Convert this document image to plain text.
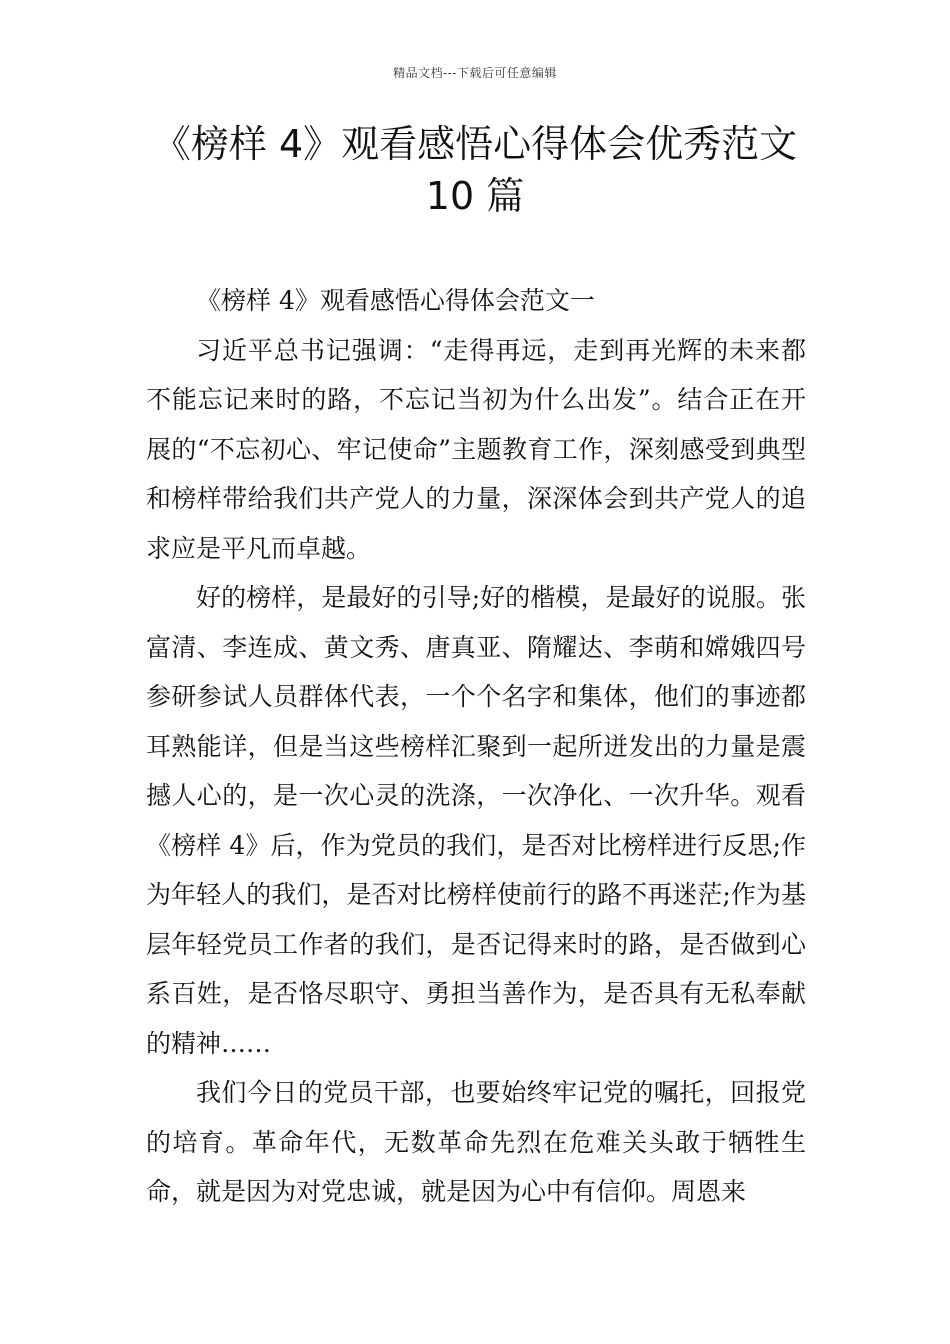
精品文档---下载后可任意编辑
《榜样 4》观看感悟心得体会优秀范文
10 篇

《榜样 4》观看感悟心得体会范文一

习近平总书记强调：“走得再远，走到再光辉的未来都不能忘记来时的路，不忘记当初为什么出发”。结合正在开展的“不忘初心、牢记使命”主题教育工作，深刻感受到典型和榜样带给我们共产党人的力量，深深体会到共产党人的追求应是平凡而卓越。

好的榜样，是最好的引导;好的楷模，是最好的说服。张富清、李连成、黄文秀、唐真亚、隋耀达、李萌和嫦娥四号参研参试人员群体代表，一个个名字和集体，他们的事迹都耳熟能详，但是当这些榜样汇聚到一起所迸发出的力量是震撼人心的，是一次心灵的洗涤，一次净化、一次升华。观看《榜样 4》后，作为党员的我们，是否对比榜样进行反思;作为年轻人的我们，是否对比榜样使前行的路不再迷茫;作为基层年轻党员工作者的我们，是否记得来时的路，是否做到心系百姓，是否恪尽职守、勇担当善作为，是否具有无私奉献的精神……

我们今日的党员干部，也要始终牢记党的嘱托，回报党的培育。革命年代，无数革命先烈在危难关头敢于牺牲生命，就是因为对党忠诚，就是因为心中有信仰。周恩来
